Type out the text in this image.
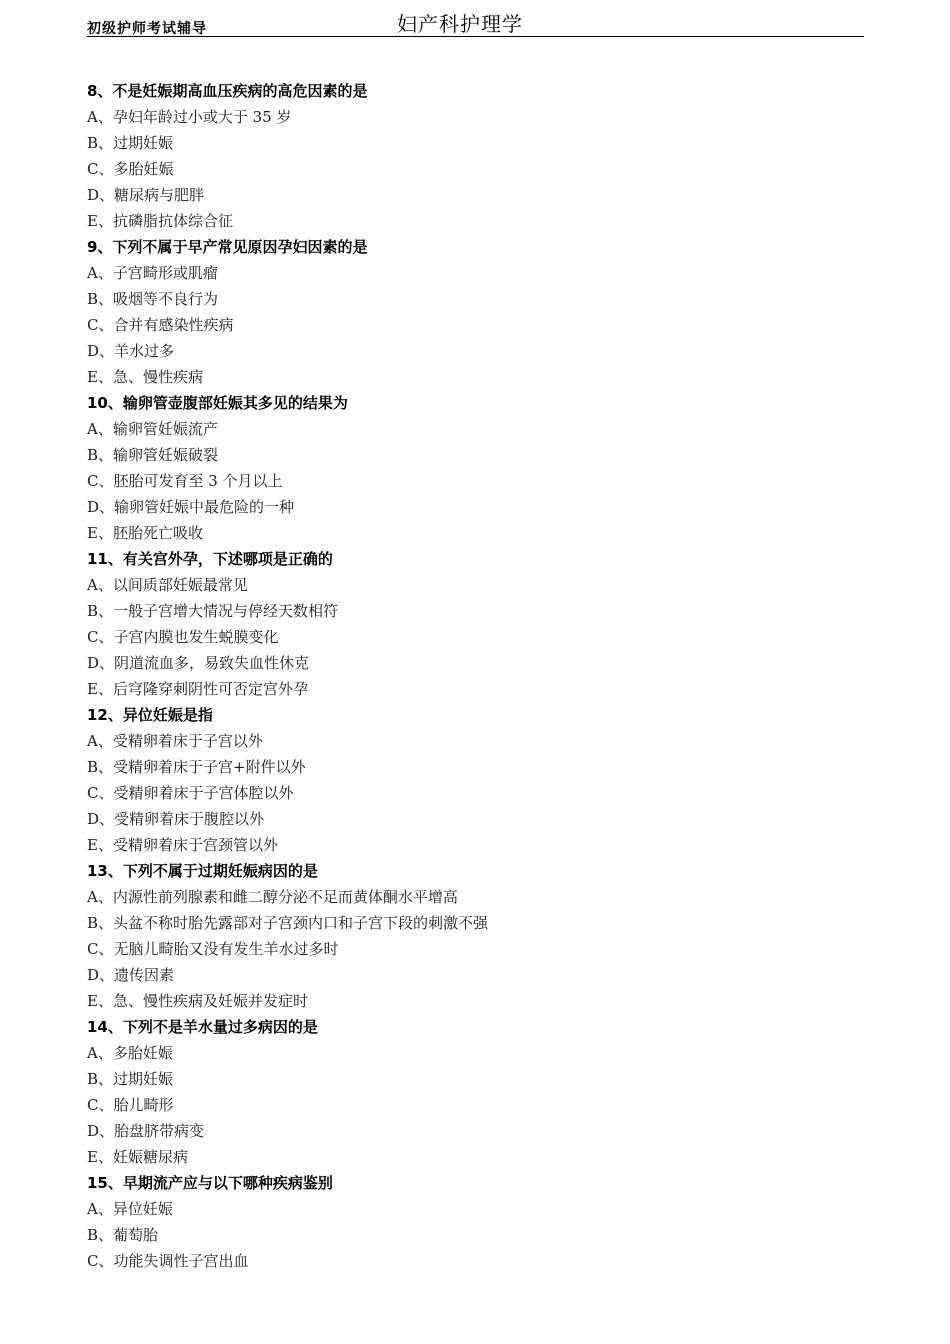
初级护师考试辅导	妇产科护理学
8、不是妊娠期高血压疾病的高危因素的是
A、孕妇年龄过小或大于 35 岁
B、过期妊娠
C、多胎妊娠
D、糖尿病与肥胖
E、抗磷脂抗体综合征
9、下列不属于早产常见原因孕妇因素的是
A、子宫畸形或肌瘤
B、吸烟等不良行为
C、合并有感染性疾病
D、羊水过多
E、急、慢性疾病
10、输卵管壶腹部妊娠其多见的结果为
A、输卵管妊娠流产
B、输卵管妊娠破裂
C、胚胎可发育至 3 个月以上
D、输卵管妊娠中最危险的一种
E、胚胎死亡吸收
11、有关宫外孕，下述哪项是正确的
A、以间质部妊娠最常见
B、一般子宫增大情况与停经天数相符
C、子宫内膜也发生蜕膜变化
D、阴道流血多，易致失血性休克
E、后穹隆穿刺阴性可否定宫外孕
12、异位妊娠是指
A、受精卵着床于子宫以外
B、受精卵着床于子宫+附件以外
C、受精卵着床于子宫体腔以外
D、受精卵着床于腹腔以外
E、受精卵着床于宫颈管以外
13、下列不属于过期妊娠病因的是
A、内源性前列腺素和雌二醇分泌不足而黄体酮水平增高
B、头盆不称时胎先露部对子宫颈内口和子宫下段的刺激不强
C、无脑儿畸胎又没有发生羊水过多时
D、遗传因素
E、急、慢性疾病及妊娠并发症时
14、下列不是羊水量过多病因的是
A、多胎妊娠
B、过期妊娠
C、胎儿畸形
D、胎盘脐带病变
E、妊娠糖尿病
15、早期流产应与以下哪种疾病鉴别
A、异位妊娠
B、葡萄胎
C、功能失调性子宫出血
